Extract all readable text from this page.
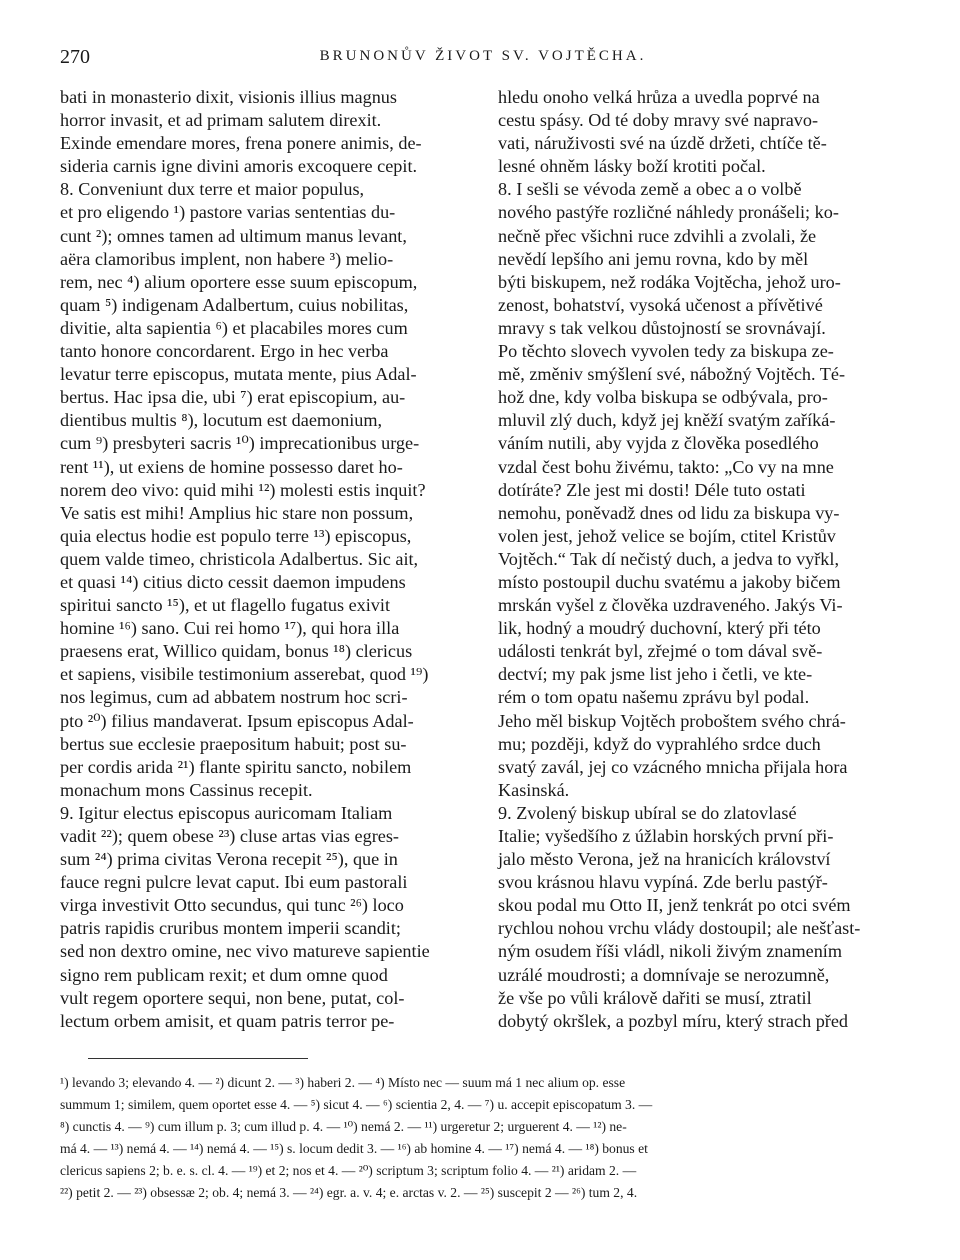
270	BRUNONŮV ŽIVOT SV. VOJTĚCHA.
bati in monasterio dixit, visionis illius magnus
horror invasit, et ad primam salutem direxit.
Exinde emendare mores, frena ponere animis, de-
sideria carnis igne divini amoris excoquere cepit.
8. Conveniunt dux terre et maior populus,
et pro eligendo ¹) pastore varias sententias du-
cunt ²); omnes tamen ad ultimum manus levant,
aëra clamoribus implent, non habere ³) melio-
rem, nec ⁴) alium oportere esse suum episcopum,
quam ⁵) indigenam Adalbertum, cuius nobilitas,
divitie, alta sapientia ⁶) et placabiles mores cum
tanto honore concordarent. Ergo in hec verba
levatur terre episcopus, mutata mente, pius Adal-
bertus. Hac ipsa die, ubi ⁷) erat episcopium, au-
dientibus multis ⁸), locutum est daemonium,
cum ⁹) presbyteri sacris ¹⁰) imprecationibus urge-
rent ¹¹), ut exiens de homine possesso daret ho-
norem deo vivo: quid mihi ¹²) molesti estis inquit?
Ve satis est mihi! Amplius hic stare non possum,
quia electus hodie est populo terre ¹³) episcopus,
quem valde timeo, christicola Adalbertus. Sic ait,
et quasi ¹⁴) citius dicto cessit daemon impudens
spiritui sancto ¹⁵), et ut flagello fugatus exivit
homine ¹⁶) sano. Cui rei homo ¹⁷), qui hora illa
praesens erat, Willico quidam, bonus ¹⁸) clericus
et sapiens, visibile testimonium asserebat, quod ¹⁹)
nos legimus, cum ad abbatem nostrum hoc scri-
pto ²⁰) filius mandaverat. Ipsum episcopus Adal-
bertus sue ecclesie praepositum habuit; post su-
per cordis arida ²¹) flante spiritu sancto, nobilem
monachum mons Cassinus recepit.
9. Igitur electus episcopus auricomam Italiam
vadit ²²); quem obese ²³) cluse artas vias egres-
sum ²⁴) prima civitas Verona recepit ²⁵), que in
fauce regni pulcre levat caput. Ibi eum pastorali
virga investivit Otto secundus, qui tunc ²⁶) loco
patris rapidis cruribus montem imperii scandit;
sed non dextro omine, nec vivo matureve sapientie
signo rem publicam rexit; et dum omne quod
vult regem oportere sequi, non bene, putat, col-
lectum orbem amisit, et quam patris terror pe-
hledu onoho velká hrůza a uvedla poprvé na
cestu spásy. Od té doby mravy své napravo-
vati, náruživosti své na úzdě držeti, chtíče tě-
lesné ohněm lásky boží krotiti počal.
8. I sešli se vévoda země a obec a o volbě
nového pastýře rozličné náhledy pronášeli; ko-
nečně přec všichni ruce zdvihli a zvolali, že
nevědí lepšího ani jemu rovna, kdo by měl
býti biskupem, než rodáka Vojtěcha, jehož uro-
zenost, bohatství, vysoká učenost a přívětivé
mravy s tak velkou důstojností se srovnávají.
Po těchto slovech vyvolen tedy za biskupa ze-
mě, změniv smýšlení své, nábožný Vojtěch. Té-
hož dne, kdy volba biskupa se odbývala, pro-
mluvil zlý duch, když jej kněží svatým zaříká-
váním nutili, aby vyjda z člověka posedlého
vzdal čest bohu živému, takto: „Co vy na mne
dotíráte? Zle jest mi dosti! Déle tuto ostati
nemohu, poněvadž dnes od lidu za biskupa vy-
volen jest, jehož velice se bojím, ctitel Kristův
Vojtěch.“ Tak dí nečistý duch, a jedva to vyřkl,
místo postoupil duchu svatému a jakoby bičem
mrskán vyšel z člověka uzdraveného. Jakýs Vi-
lik, hodný a moudrý duchovní, který při této
události tenkrát byl, zřejmé o tom dával svě-
dectví; my pak jsme list jeho i četli, ve kte-
rém o tom opatu našemu zprávu byl podal.
Jeho měl biskup Vojtěch proboštem svého chrá-
mu; později, když do vyprahlého srdce duch
svatý zavál, jej co vzácného mnicha přijala hora
Kasinská.
9. Zvolený biskup ubíral se do zlatovlasé
Italie; vyšedšího z úžlabin horských první při-
jalo město Verona, jež na hranicích království
svou krásnou hlavu vypíná. Zde berlu pastýř-
skou podal mu Otto II, jenž tenkrát po otci svém
rychlou nohou vrchu vlády dostoupil; ale nešťast-
ným osudem říši vládl, nikoli živým znamením
uzrálé moudrosti; a domnívaje se nerozumně,
že vše po vůli králově dařiti se musí, ztratil
dobytý okršlek, a pozbyl míru, který strach před
¹) levando 3; elevando 4. — ²) dicunt 2. — ³) haberi 2. — ⁴) Místo nec — suum má 1 nec alium op. esse
summum 1; similem, quem oportet esse 4. — ⁵) sicut 4. — ⁶) scientia 2, 4. — ⁷) u. accepit episcopatum 3. —
⁸) cunctis 4. — ⁹) cum illum p. 3; cum illud p. 4. — ¹⁰) nemá 2. — ¹¹) urgeretur 2; urguerent 4. — ¹²) ne-
má 4. — ¹³) nemá 4. — ¹⁴) nemá 4. — ¹⁵) s. locum dedit 3. — ¹⁶) ab homine 4. — ¹⁷) nemá 4. — ¹⁸) bonus et
clericus sapiens 2; b. e. s. cl. 4. — ¹⁹) et 2; nos et 4. — ²⁰) scriptum 3; scriptum folio 4. — ²¹) aridam 2. —
²²) petit 2. — ²³) obsessæ 2; ob. 4; nemá 3. — ²⁴) egr. a. v. 4; e. arctas v. 2. — ²⁵) suscepit 2 — ²⁶) tum 2, 4.
